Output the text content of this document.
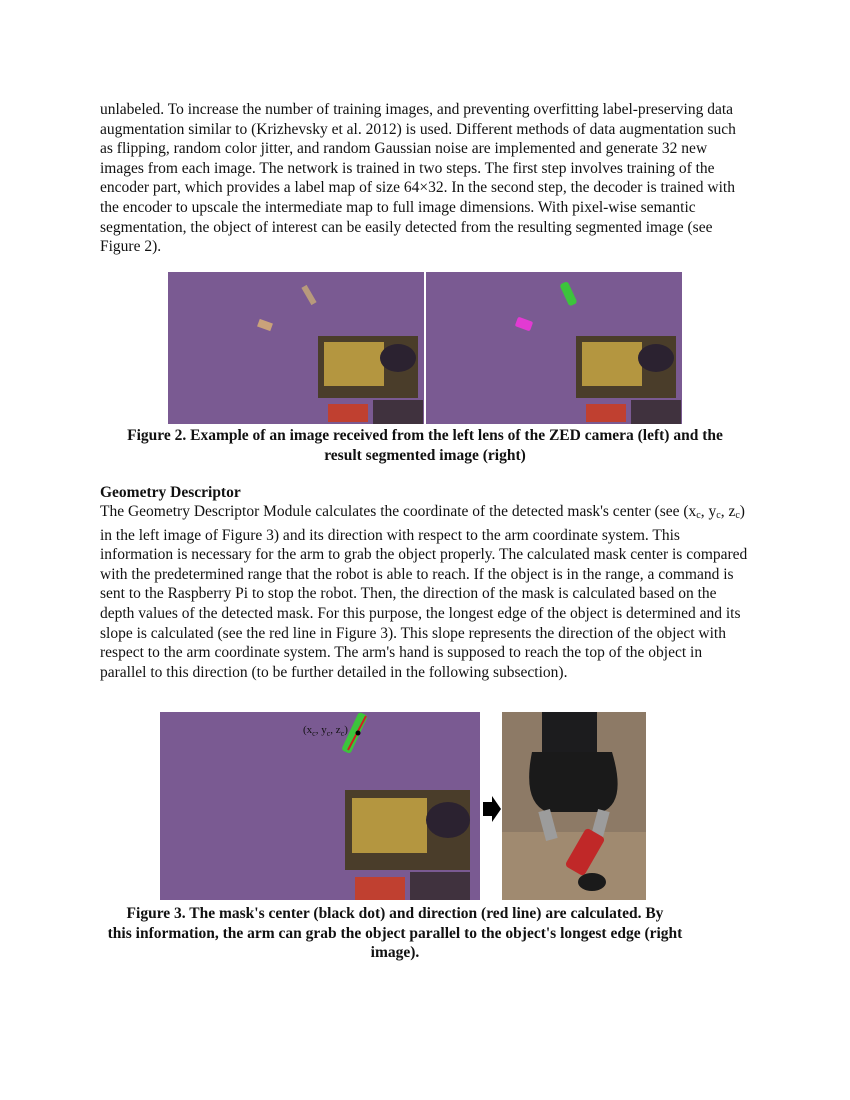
unlabeled. To increase the number of training images, and preventing overfitting label-preserving data augmentation similar to (Krizhevsky et al. 2012) is used. Different methods of data augmentation such as flipping, random color jitter, and random Gaussian noise are implemented and generate 32 new images from each image. The network is trained in two steps. The first step involves training of the encoder part, which provides a label map of size 64×32. In the second step, the decoder is trained with the encoder to upscale the intermediate map to full image dimensions. With pixel-wise semantic segmentation, the object of interest can be easily detected from the resulting segmented image (see Figure 2).

Figure 2. Example of an image received from the left lens of the ZED camera (left) and the
result segmented image (right)

Geometry Descriptor

The Geometry Descriptor Module calculates the coordinate of the detected mask's center (see ($x_c$, $y_c$, $z_c$) in the left image of Figure 3) and its direction with respect to the arm coordinate system. This information is necessary for the arm to grab the object properly. The calculated mask center is compared with the predetermined range that the robot is able to reach. If the object is in the range, a command is sent to the Raspberry Pi to stop the robot. Then, the direction of the mask is calculated based on the depth values of the detected mask. For this purpose, the longest edge of the object is determined and its slope is calculated (see the red line in Figure 3). This slope represents the direction of the object with respect to the arm coordinate system. The arm's hand is supposed to reach the top of the object in parallel to this direction (to be further detailed in the following subsection).

($x_c$, $y_c$, $z_c$)

Figure 3. The mask's center (black dot) and direction (red line) are calculated. By
this information, the arm can grab the object parallel to the object's longest edge (right
image).
